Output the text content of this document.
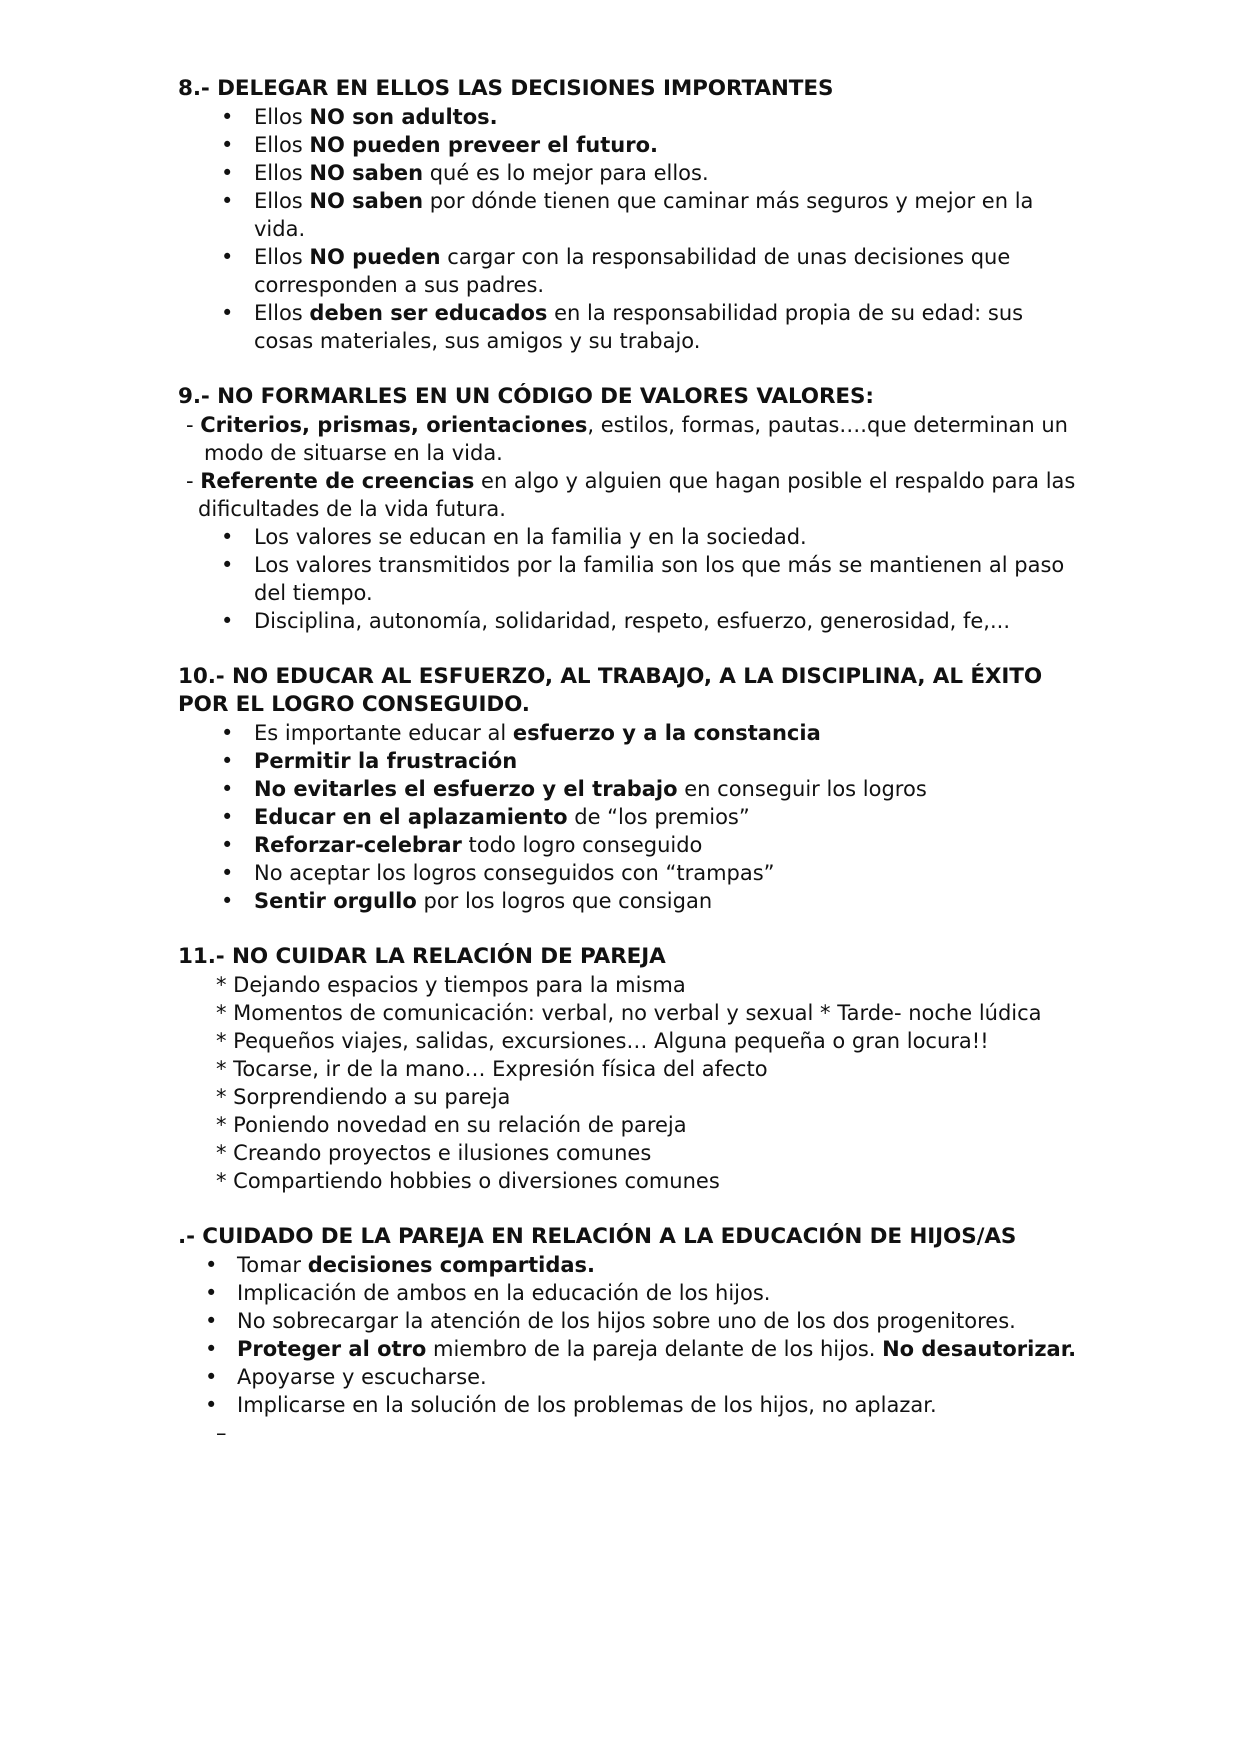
8.- DELEGAR EN ELLOS LAS DECISIONES IMPORTANTES
• Ellos NO son adultos.
• Ellos NO pueden preveer el futuro.
• Ellos NO saben qué es lo mejor para ellos.
• Ellos NO saben por dónde tienen que caminar más seguros y mejor en la vida.
• Ellos NO pueden cargar con la responsabilidad de unas decisiones que corresponden a sus padres.
• Ellos deben ser educados en la responsabilidad propia de su edad: sus cosas materiales, sus amigos y su trabajo.
9.- NO FORMARLES EN UN CÓDIGO DE VALORES VALORES:
- Criterios, prismas, orientaciones, estilos, formas, pautas….que determinan un
modo de situarse en la vida.
- Referente de creencias en algo y alguien que hagan posible el respaldo para las
dificultades de la vida futura.
• Los valores se educan en la familia y en la sociedad.
• Los valores transmitidos por la familia son los que más se mantienen al paso del tiempo.
• Disciplina, autonomía, solidaridad, respeto, esfuerzo, generosidad, fe,...
10.- NO EDUCAR AL ESFUERZO, AL TRABAJO, A LA DISCIPLINA, AL ÉXITO
POR EL LOGRO CONSEGUIDO.
• Es importante educar al esfuerzo y a la constancia
• Permitir la frustración
• No evitarles el esfuerzo y el trabajo en conseguir los logros
• Educar en el aplazamiento de “los premios”
• Reforzar-celebrar todo logro conseguido
• No aceptar los logros conseguidos con “trampas”
• Sentir orgullo por los logros que consigan
11.- NO CUIDAR LA RELACIÓN DE PAREJA
* Dejando espacios y tiempos para la misma
* Momentos de comunicación: verbal, no verbal y sexual * Tarde- noche lúdica
* Pequeños viajes, salidas, excursiones… Alguna pequeña o gran locura!!
* Tocarse, ir de la mano… Expresión física del afecto
* Sorprendiendo a su pareja
* Poniendo novedad en su relación de pareja
* Creando proyectos e ilusiones comunes
* Compartiendo hobbies o diversiones comunes
.- CUIDADO DE LA PAREJA EN RELACIÓN A LA EDUCACIÓN DE HIJOS/AS
• Tomar decisiones compartidas.
• Implicación de ambos en la educación de los hijos.
• No sobrecargar la atención de los hijos sobre uno de los dos progenitores.
• Proteger al otro miembro de la pareja delante de los hijos. No desautorizar.
• Apoyarse y escucharse.
• Implicarse en la solución de los problemas de los hijos, no aplazar.
–
